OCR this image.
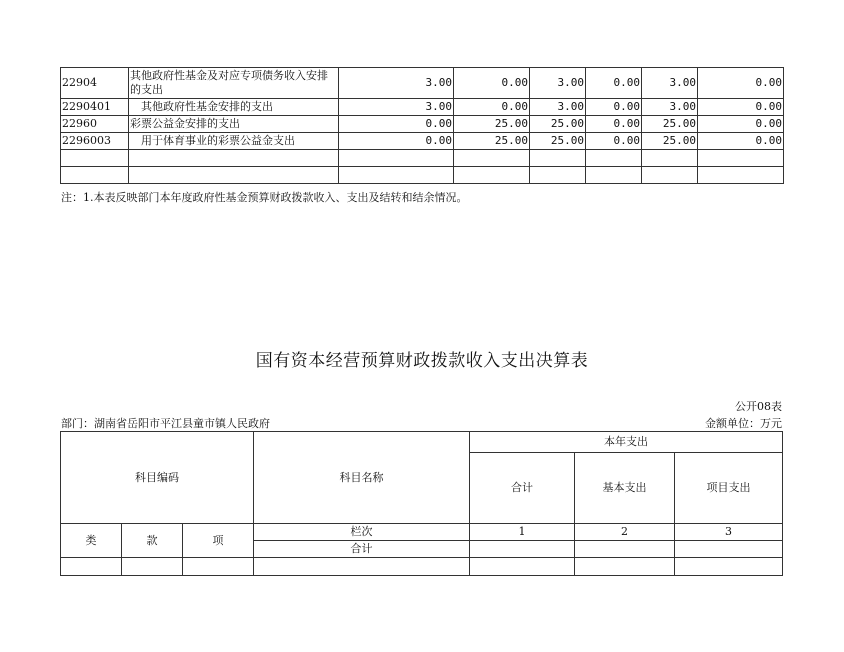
22904	其他政府性基金及对应专项债务收入安排的支出	3.00	0.00	3.00	0.00	3.00	0.00
2290401	其他政府性基金安排的支出	3.00	0.00	3.00	0.00	3.00	0.00
22960	彩票公益金安排的支出	0.00	25.00	25.00	0.00	25.00	0.00
2296003	用于体育事业的彩票公益金支出	0.00	25.00	25.00	0.00	25.00	0.00

注：1.本表反映部门本年度政府性基金预算财政拨款收入、支出及结转和结余情况。
国有资本经营预算财政拨款收入支出决算表
公开08表
部门：湖南省岳阳市平江县童市镇人民政府	金额单位：万元
科目编码			科目名称	本年支出		
				合计	基本支出	项目支出
类	款	项	栏次	1	2	3
			合计			
